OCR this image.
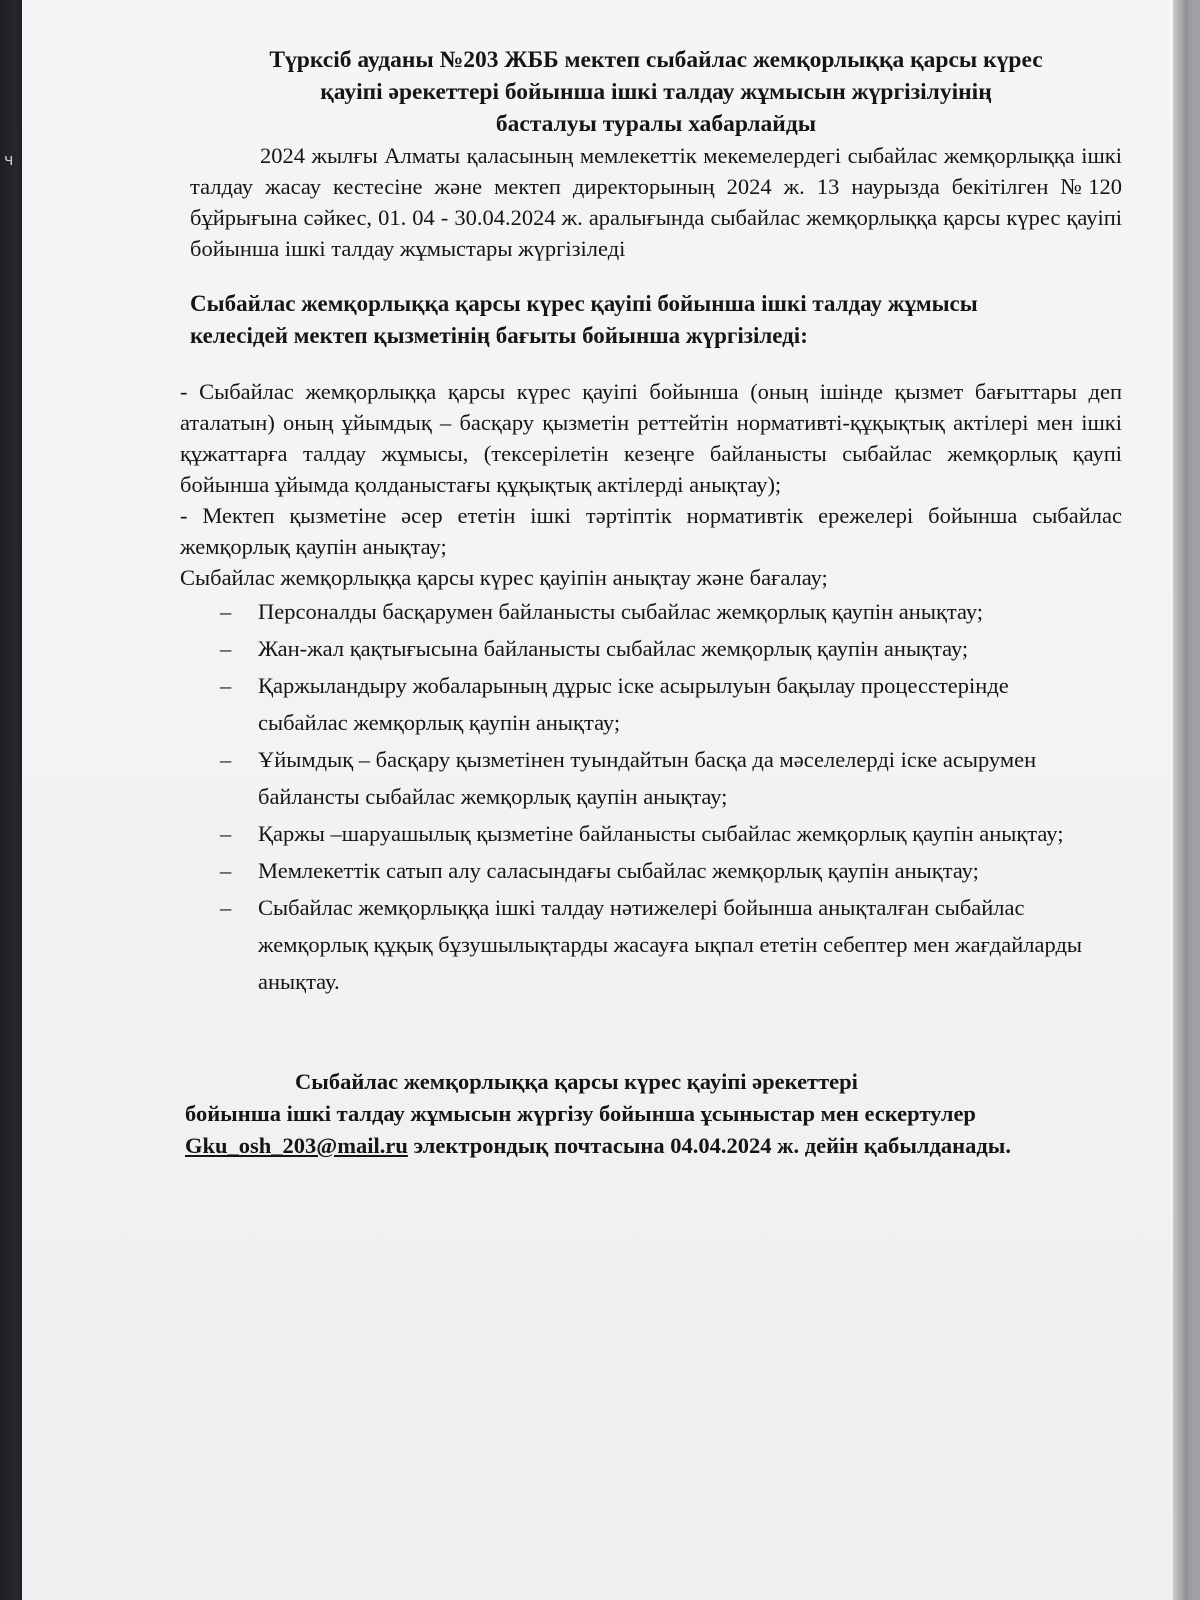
ч
Түрксіб ауданы №203 ЖББ мектеп сыбайлас жемқорлыққа қарсы күрес
қауіпі әрекеттері бойынша ішкі талдау жұмысын жүргізілуінің
басталуы туралы хабарлайды

2024 жылғы Алматы қаласының мемлекеттік мекемелердегі сыбайлас жемқорлыққа ішкі талдау жасау кестесіне және мектеп директорының 2024 ж. 13 наурызда бекітілген №120 бұйрығына сәйкес, 01. 04 - 30.04.2024 ж. аралығында сыбайлас жемқорлыққа қарсы күрес қауіпі бойынша ішкі талдау жұмыстары жүргізіледі

Сыбайлас жемқорлыққа қарсы күрес қауіпі бойынша ішкі талдау жұмысы келесідей мектеп қызметінің бағыты бойынша жүргізіледі:

- Сыбайлас жемқорлыққа қарсы күрес қауіпі бойынша (оның ішінде қызмет бағыттары деп аталатын) оның ұйымдық – басқару қызметін реттейтін нормативті-құқықтық актілері мен ішкі құжаттарға талдау жұмысы, (тексерілетін кезеңге байланысты сыбайлас жемқорлық қаупі бойынша ұйымда қолданыстағы құқықтық актілерді анықтау);

- Мектеп қызметіне әсер ететін ішкі тәртіптік нормативтік ережелері бойынша сыбайлас жемқорлық қаупін анықтау;

Сыбайлас жемқорлыққа қарсы күрес қауіпін анықтау және бағалау;
– Персоналды басқарумен байланысты сыбайлас жемқорлық қаупін анықтау;
– Жан-жал қақтығысына байланысты сыбайлас жемқорлық қаупін анықтау;
– Қаржыландыру жобаларының дұрыс іске асырылуын бақылау процесстерінде сыбайлас жемқорлық қаупін анықтау;
– Ұйымдық – басқару қызметінен туындайтын басқа да мәселелерді іске асырумен байланcты сыбайлас жемқорлық қаупін анықтау;
– Қаржы –шаруашылық қызметіне байланысты сыбайлас жемқорлық қаупін анықтау;
– Мемлекеттік сатып алу саласындағы сыбайлас жемқорлық қаупін анықтау;
– Сыбайлас жемқорлыққа ішкі талдау нәтижелері бойынша анықталған сыбайлас жемқорлық құқық бұзушылықтарды жасауға ықпал ететін себептер мен жағдайларды анықтау.
Сыбайлас жемқорлыққа қарсы күрес қауіпі әрекеттері
бойынша ішкі талдау жұмысын жүргізу бойынша ұсыныстар мен ескертулер Gku_osh_203@mail.ru электрондық почтасына 04.04.2024 ж. дейін қабылданады.
